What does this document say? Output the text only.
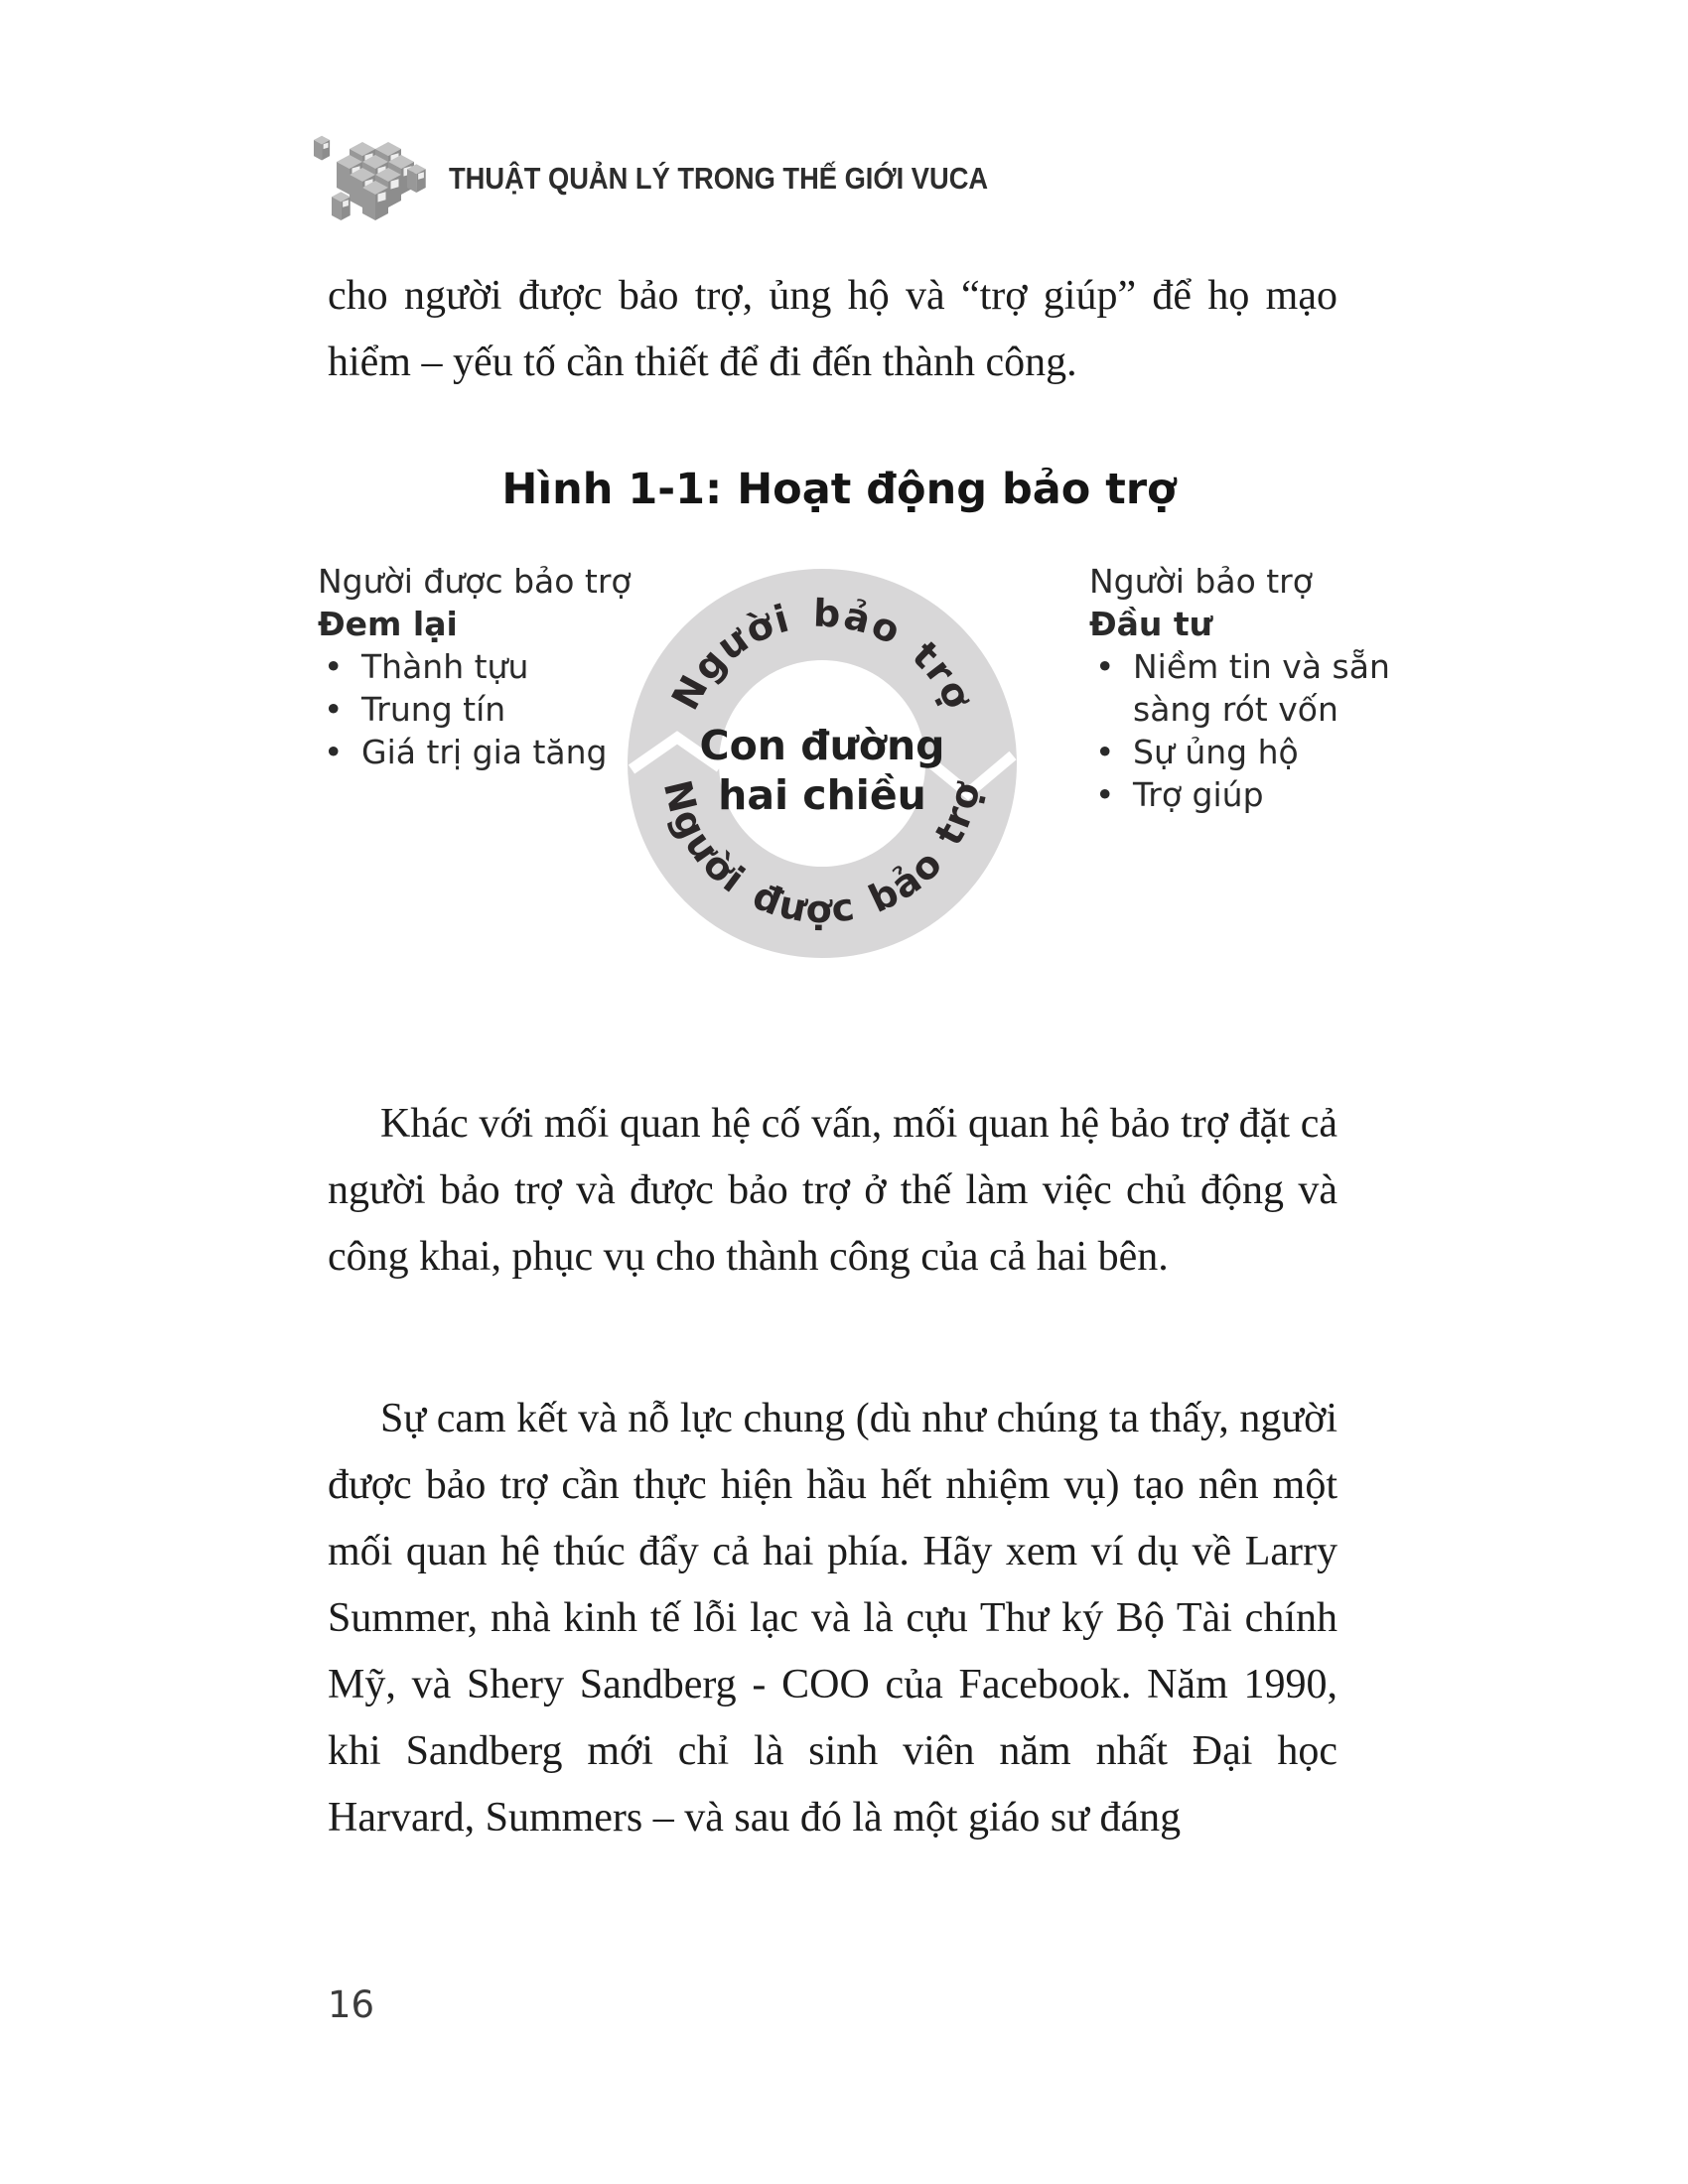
THUẬT QUẢN LÝ TRONG THẾ GIỚI VUCA

cho người được bảo trợ, ủng hộ và “trợ giúp” để họ mạo hiểm – yếu tố cần thiết để đi đến thành công.

Hình 1-1: Hoạt động bảo trợ
Người được bảo trợ
Đem lại
• Thành tựu
• Trung tín
• Giá trị gia tăng
Người bảo trợ
Người được bảo trợ
Con đường
hai chiều
Người bảo trợ
Đầu tư
• Niềm tin và sẵn sàng rót vốn
• Sự ủng hộ
• Trợ giúp

Khác với mối quan hệ cố vấn, mối quan hệ bảo trợ đặt cả người bảo trợ và được bảo trợ ở thế làm việc chủ động và công khai, phục vụ cho thành công của cả hai bên.

Sự cam kết và nỗ lực chung (dù như chúng ta thấy, người được bảo trợ cần thực hiện hầu hết nhiệm vụ) tạo nên một mối quan hệ thúc đẩy cả hai phía. Hãy xem ví dụ về Larry Summer, nhà kinh tế lỗi lạc và là cựu Thư ký Bộ Tài chính Mỹ, và Shery Sandberg - COO của Facebook. Năm 1990, khi Sandberg mới chỉ là sinh viên năm nhất Đại học Harvard, Summers – và sau đó là một giáo sư đáng

16
